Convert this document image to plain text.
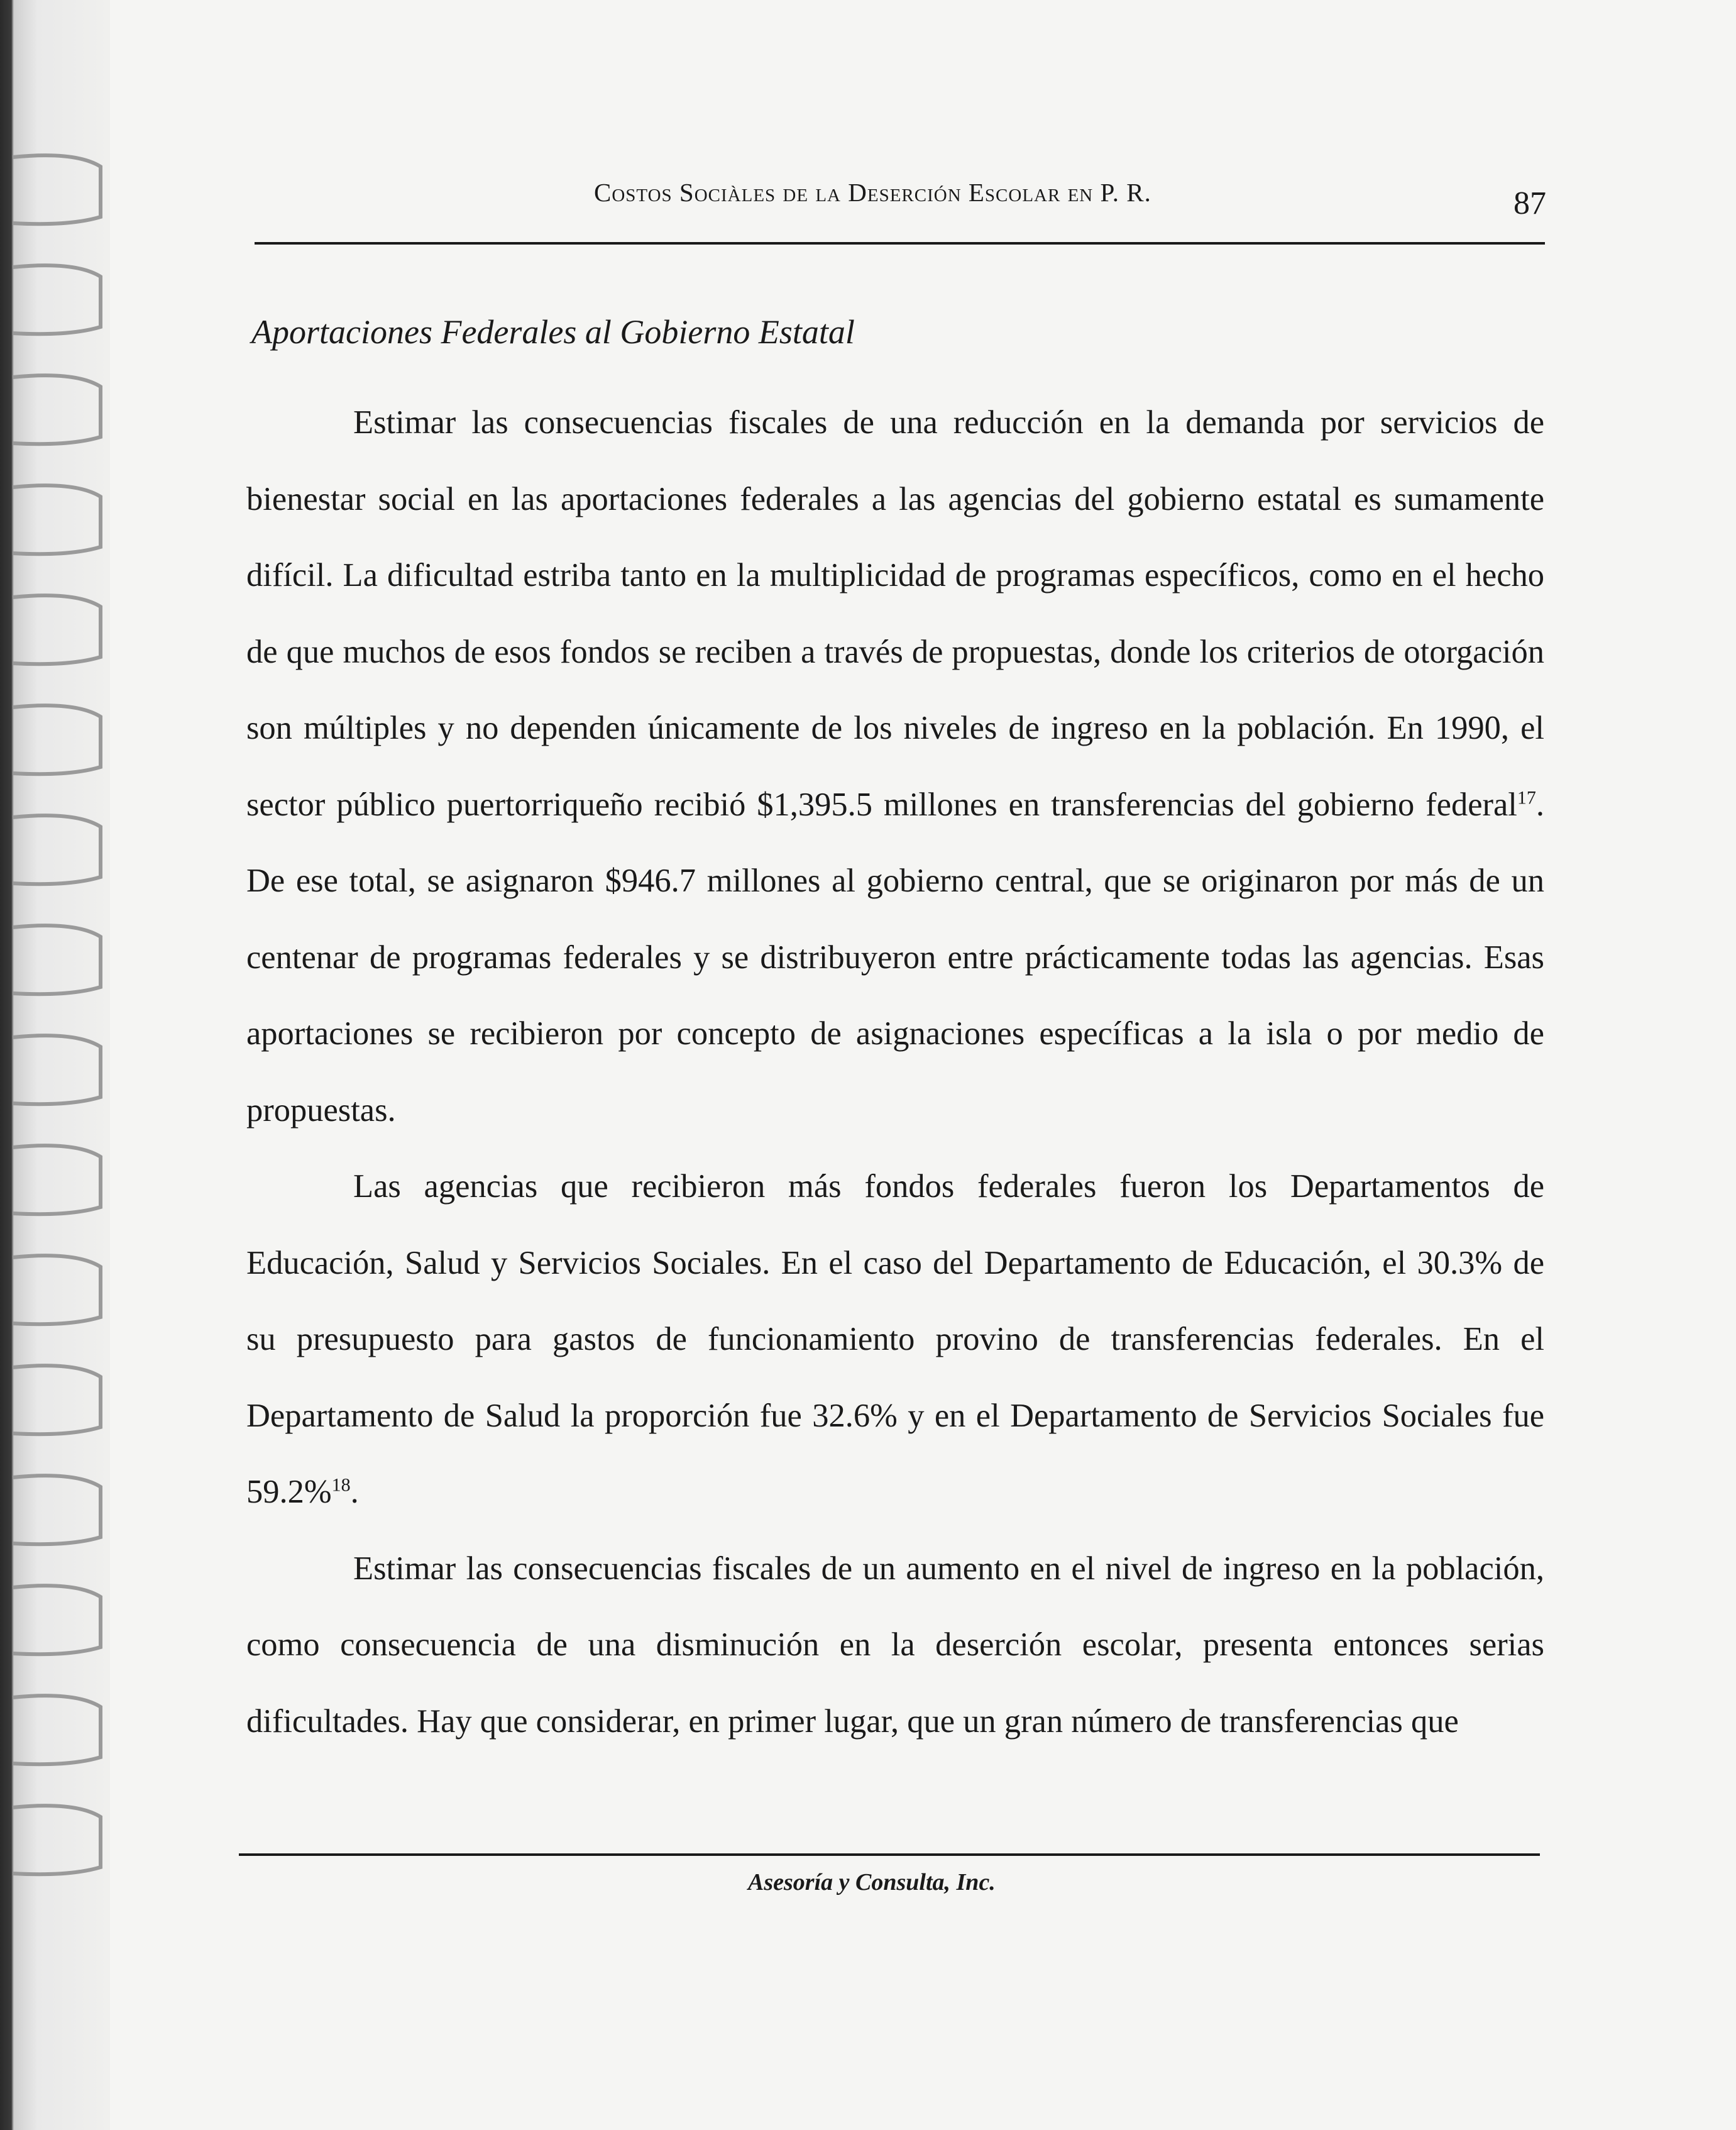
Costos Sociàles de la Deserción Escolar en P. R.	87
Aportaciones Federales al Gobierno Estatal

Estimar las consecuencias fiscales de una reducción en la demanda por servicios de bienestar social en las aportaciones federales a las agencias del gobierno estatal es sumamente difícil. La dificultad estriba tanto en la multiplicidad de programas específicos, como en el hecho de que muchos de esos fondos se reciben a través de propuestas, donde los criterios de otorgación son múltiples y no dependen únicamente de los niveles de ingreso en la población. En 1990, el sector público puertorriqueño recibió $1,395.5 millones en transferencias del gobierno federal$^{17}$. De ese total, se asignaron $946.7 millones al gobierno central, que se originaron por más de un centenar de programas federales y se distribuyeron entre prácticamente todas las agencias. Esas aportaciones se recibieron por concepto de asignaciones específicas a la isla o por medio de propuestas.

Las agencias que recibieron más fondos federales fueron los Departamentos de Educación, Salud y Servicios Sociales. En el caso del Departamento de Educación, el 30.3% de su presupuesto para gastos de funcionamiento provino de transferencias federales. En el Departamento de Salud la proporción fue 32.6% y en el Departamento de Servicios Sociales fue 59.2%$^{18}$.

Estimar las consecuencias fiscales de un aumento en el nivel de ingreso en la población, como consecuencia de una disminución en la deserción escolar, presenta entonces serias dificultades. Hay que considerar, en primer lugar, que un gran número de transferencias que

Asesoría y Consulta, Inc.
